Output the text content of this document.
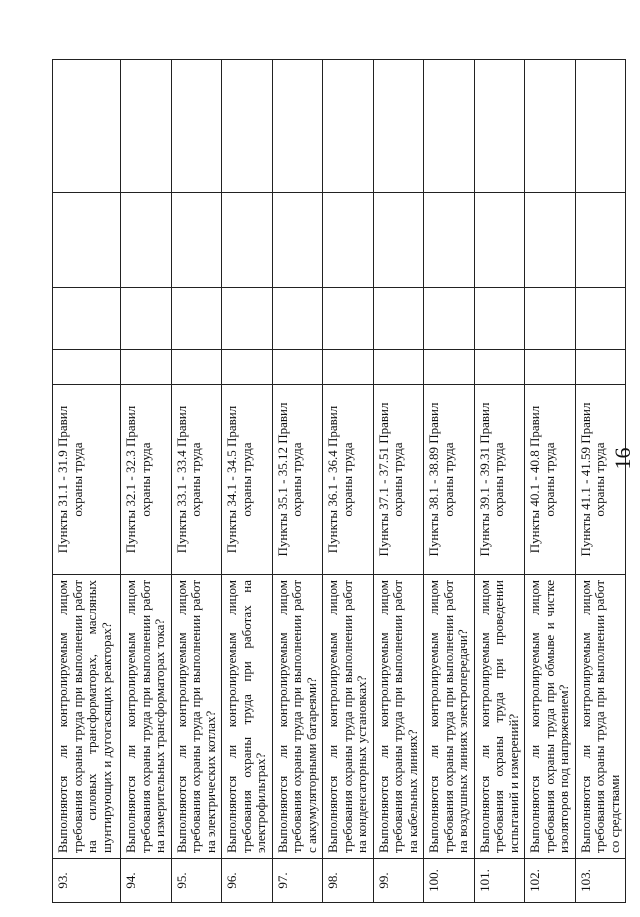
93.	Выполняются ли контролируемым лицом требования охраны труда при выполнении работ на силовых трансформаторах, масляных шунтирующих и дугогасящих реакторах?	Пункты 31.1 - 31.9 Правил охраны труда				
94.	Выполняются ли контролируемым лицом требования охраны труда при выполнении работ на измерительных трансформаторах тока?	Пункты 32.1 - 32.3 Правил охраны труда				
95.	Выполняются ли контролируемым лицом требования охраны труда при выполнении работ на электрических котлах?	Пункты 33.1 - 33.4 Правил охраны труда				
96.	Выполняются ли контролируемым лицом требования охраны труда при работах на электрофильтрах?	Пункты 34.1 - 34.5 Правил охраны труда				
97.	Выполняются ли контролируемым лицом требования охраны труда при выполнении работ с аккумуляторными батареями?	Пункты 35.1 - 35.12 Правил охраны труда				
98.	Выполняются ли контролируемым лицом требования охраны труда при выполнении работ на конденсаторных установках?	Пункты 36.1 - 36.4 Правил охраны труда				
99.	Выполняются ли контролируемым лицом требования охраны труда при выполнении работ на кабельных линиях?	Пункты 37.1 - 37.51 Правил охраны труда				
100.	Выполняются ли контролируемым лицом требования охраны труда при выполнении работ на воздушных линиях электропередачи?	Пункты 38.1 - 38.89 Правил охраны труда				
101.	Выполняются ли контролируемым лицом требования охраны труда при проведении испытаний и измерений?	Пункты 39.1 - 39.31 Правил охраны труда				
102.	Выполняются ли контролируемым лицом требования охраны труда при обмыве и чистке изоляторов под напряжением?	Пункты 40.1 - 40.8 Правил охраны труда				
103.	Выполняются ли контролируемым лицом требования охраны труда при выполнении работ со средствами	Пункты 41.1 - 41.59 Правил охраны труда				16
